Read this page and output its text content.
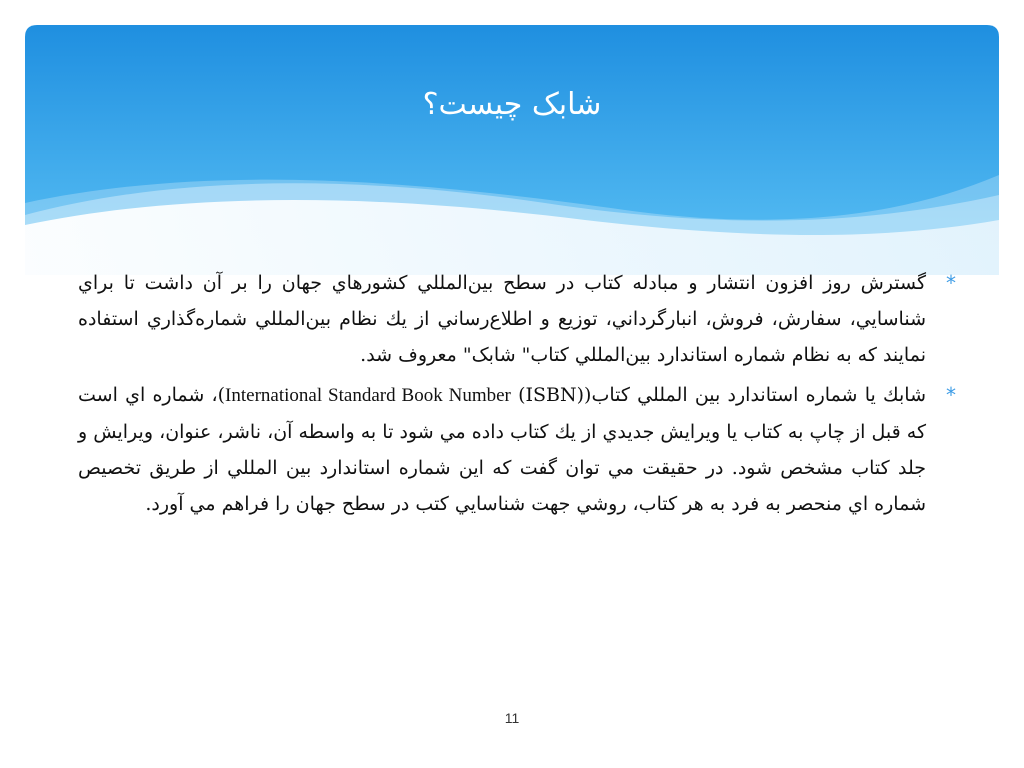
شابک چیست؟
*
گسترش روز افزون انتشار و مبادله کتاب در سطح بين‌المللي کشورهاي جهان را بر آن داشت تا براي شناسايي، سفارش، فروش، انبارگرداني، توزيع و اطلاع‌رساني از يك نظام بين‌المللي شماره‌گذاري استفاده نمايند كه به نظام شماره استاندارد بين‌المللي كتاب" شابک" معروف شد.
*
شابك يا شماره استاندارد بين المللي كتاب(International Standard Book Number (ISBN))، شماره اي است كه قبل از چاپ به كتاب يا ويرايش جديدي از يك كتاب داده مي شود تا به واسطه آن، ناشر، عنوان، ويرايش و جلد كتاب مشخص شود. در حقيقت مي توان گفت كه اين شماره استاندارد بين المللي از طريق تخصيص شماره اي منحصر به فرد به هر كتاب، روشي جهت شناسايي كتب در سطح جهان را فراهم مي آورد.
11
